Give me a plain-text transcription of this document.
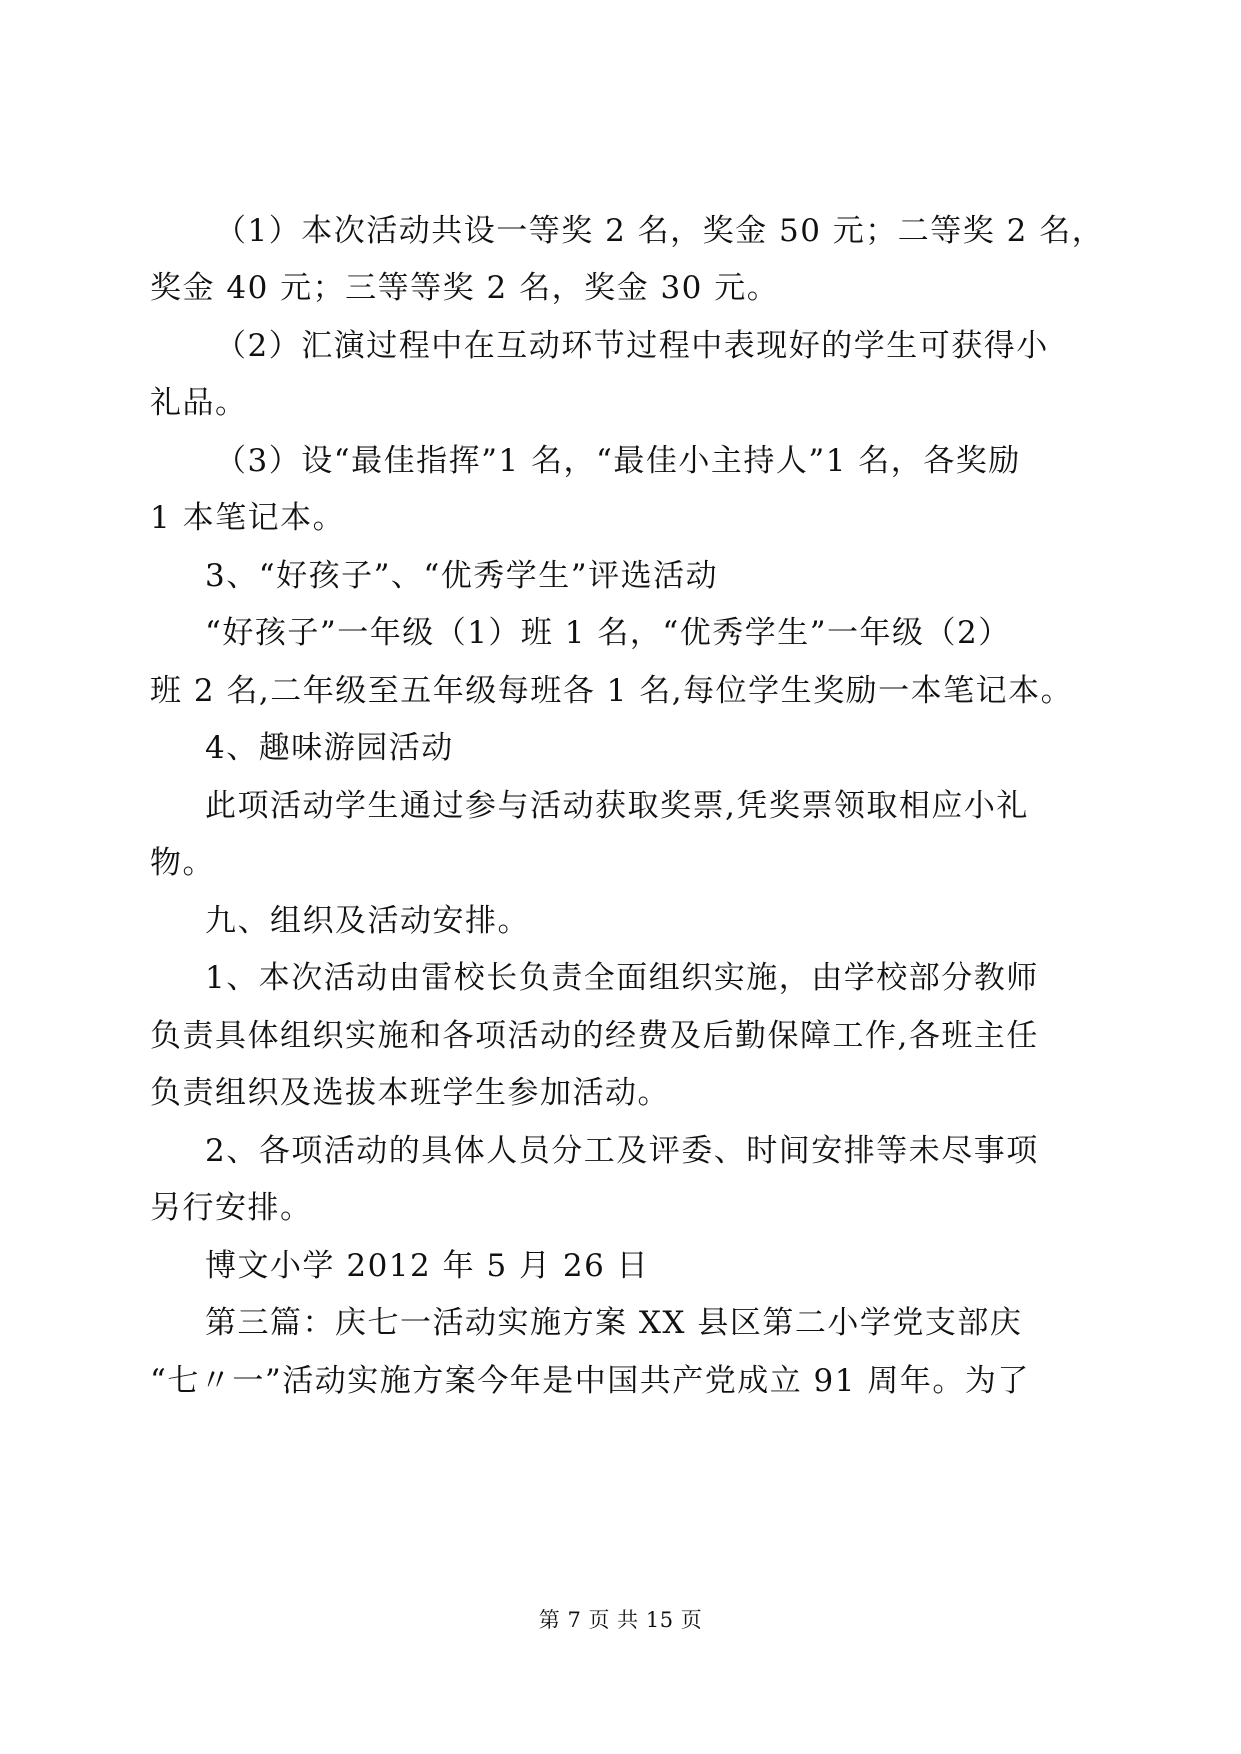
（1）本次活动共设一等奖 2 名，奖金 50 元；二等奖 2 名，
奖金 40 元；三等等奖 2 名，奖金 30 元。
（2）汇演过程中在互动环节过程中表现好的学生可获得小
礼品。
（3）设“最佳指挥”1 名，“最佳小主持人”1 名，各奖励
1 本笔记本。
3、“好孩子”、“优秀学生”评选活动
“好孩子”一年级（1）班 1 名，“优秀学生”一年级（2）
班 2 名,二年级至五年级每班各 1 名,每位学生奖励一本笔记本。
4、趣味游园活动
此项活动学生通过参与活动获取奖票,凭奖票领取相应小礼
物。
九、组织及活动安排。
1、本次活动由雷校长负责全面组织实施，由学校部分教师
负责具体组织实施和各项活动的经费及后勤保障工作,各班主任
负责组织及选拔本班学生参加活动。
2、各项活动的具体人员分工及评委、时间安排等未尽事项
另行安排。
博文小学 2012 年 5 月 26 日
第三篇：庆七一活动实施方案 XX 县区第二小学党支部庆
“七〃一”活动实施方案今年是中国共产党成立 91 周年。为了
第 7 页 共 15 页
